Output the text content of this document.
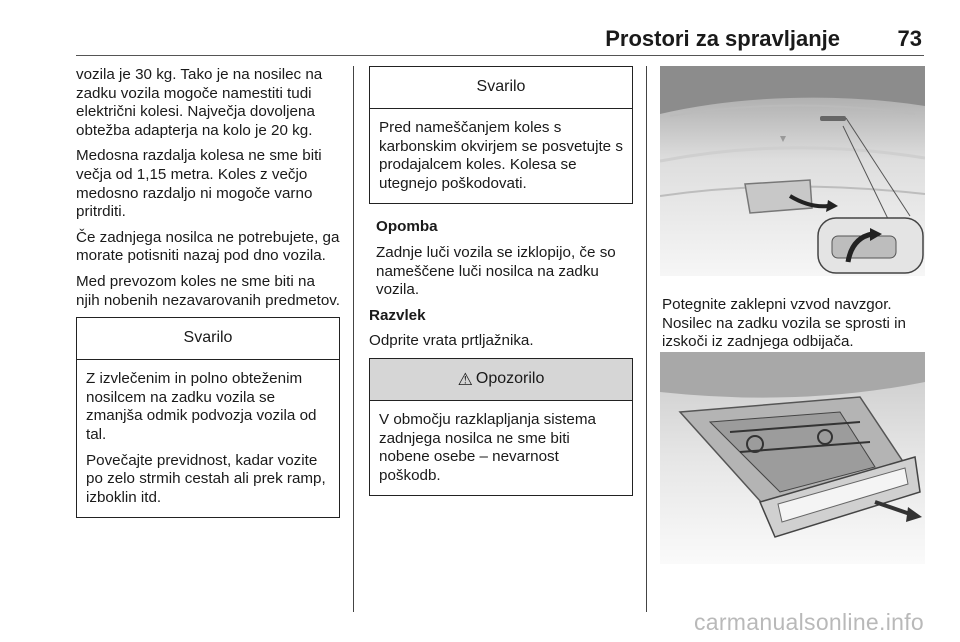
Prostori za spravljanje	73

vozila je 30 kg. Tako je na nosilec na zadku vozila mogoče namestiti tudi električni kolesi. Največja dovoljena obtežba adapterja na kolo je 20 kg.

Medosna razdalja kolesa ne sme biti večja od 1,15 metra. Koles z večjo medosno razdaljo ni mogoče varno pritrditi.

Če zadnjega nosilca ne potrebujete, ga morate potisniti nazaj pod dno vozila.

Med prevozom koles ne sme biti na njih nobenih nezavarovanih predmetov.

Svarilo

Z izvlečenim in polno obteženim nosilcem na zadku vozila se zmanjša odmik podvozja vozila od tal.

Povečajte previdnost, kadar vozite po zelo strmih cestah ali prek ramp, izboklin itd.

Svarilo

Pred nameščanjem koles s karbonskim okvirjem se posvetujte s prodajalcem koles. Kolesa se utegnejo poškodovati.

Opomba

Zadnje luči vozila se izklopijo, če so nameščene luči nosilca na zadku vozila.

Razvlek

Odprite vrata prtljažnika.

⚠ Opozorilo

V območju razklapljanja sistema zadnjega nosilca ne sme biti nobene osebe – nevarnost poškodb.

Potegnite zaklepni vzvod navzgor. Nosilec na zadku vozila se sprosti in izskoči iz zadnjega odbijača.
carmanualsonline.info
